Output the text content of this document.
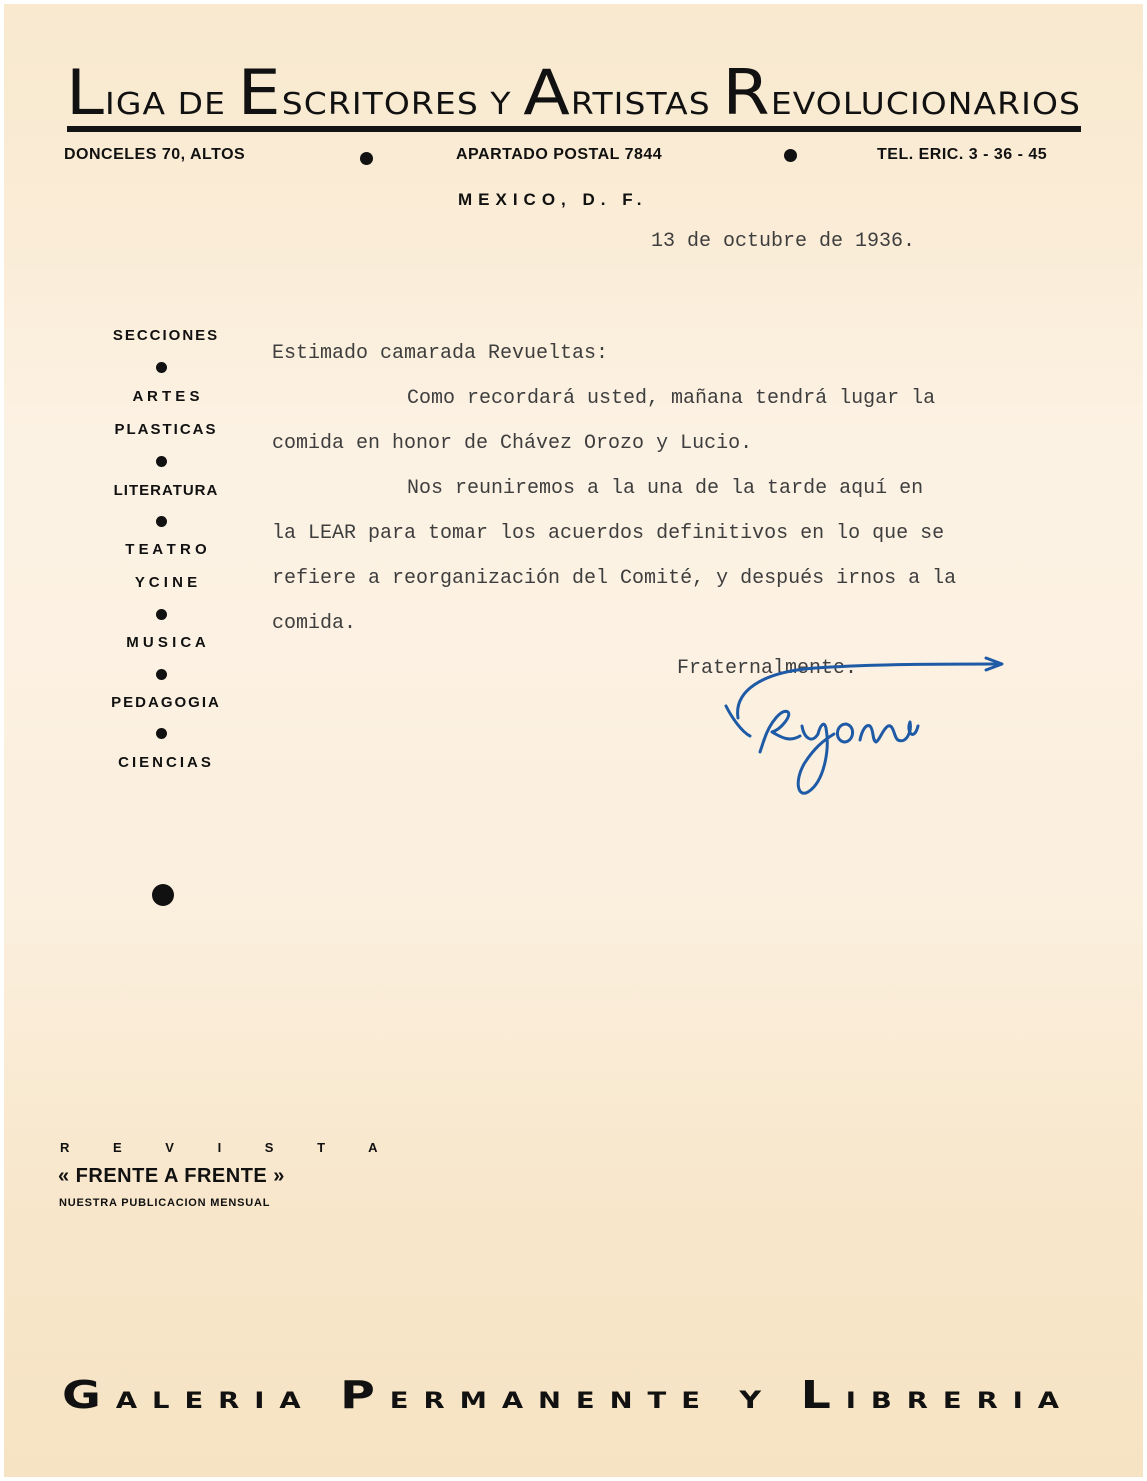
LIGA DE E SCRITORES Y A RTISTAS R EVOLUCIONARIOS
DONCELES 70, ALTOS	APARTADO POSTAL 7844	TEL. ERIC. 3 - 36 - 45
MEXICO, D. F.
13 de octubre de 1936.
SECCIONES
A R T E S
PLASTICAS
LITERATURA
T E A T R O
Y C I N E
M U S I C A
PEDAGOGIA
CIENCIAS
Estimado camarada Revueltas:
Como recordará usted, mañana tendrá lugar la
comida en honor de Chávez Orozo y Lucio.
Nos reuniremos a la una de la tarde aquí en
la LEAR para tomar los acuerdos definitivos en lo que se
refiere a reorganización del Comité, y después irnos a la
comida.
Fraternalmente.
R E V I S T A
« FRENTE A FRENTE »
NUESTRA PUBLICACION MENSUAL
GALERIA P ERMANENTE	Y L IBRERIA
